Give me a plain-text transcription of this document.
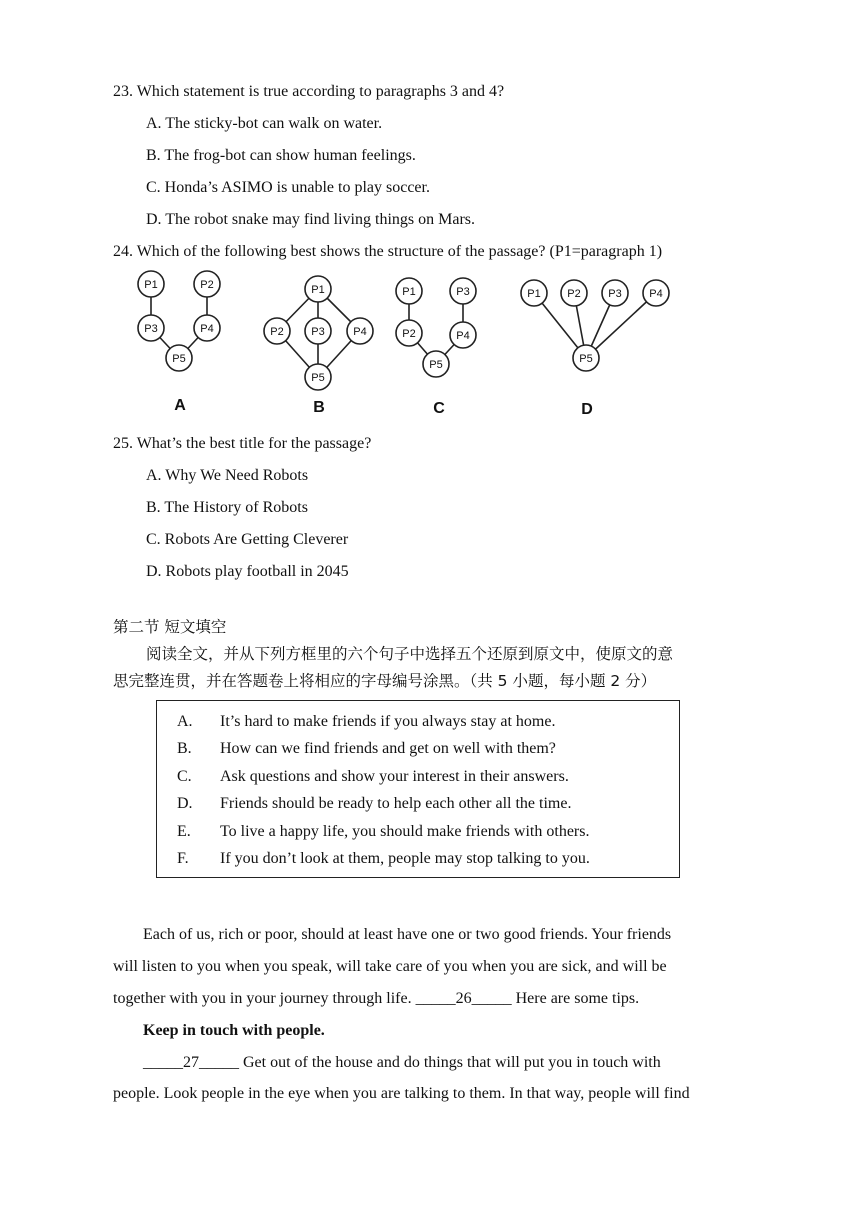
23. Which statement is true according to paragraphs 3 and 4?
A. The sticky-bot can walk on water.
B. The frog-bot can show human feelings.
C. Honda’s ASIMO is unable to play soccer.
D. The robot snake may find living things on Mars.
24. Which of the following best shows the structure of the passage? (P1=paragraph 1)
P1	P2
P3	P4
P5
P1
P2	P3	P4
P5
P1	P3
P2	P4
P5
P1 P2	P3	P4
P5
A	B	C	D
25. What’s the best title for the passage?
A. Why We Need Robots
B. The History of Robots
C. Robots Are Getting Cleverer
D. Robots play football in 2045
第二节 短文填空
阅读全文，并从下列方框里的六个句子中选择五个还原到原文中，使原文的意
思完整连贯，并在答题卷上将相应的字母编号涂黑。（共 5 小题，每小题 2 分）
A. It’s hard to make friends if you always stay at home.
B. How can we find friends and get on well with them?
C. Ask questions and show your interest in their answers.
D. Friends should be ready to help each other all the time.
E. To live a happy life, you should make friends with others.
F. If you don’t look at them, people may stop talking to you.
Each of us, rich or poor, should at least have one or two good friends. Your friends
will listen to you when you speak, will take care of you when you are sick, and will be
together with you in your journey through life. _____26_____ Here are some tips.
Keep in touch with people.
_____27_____ Get out of the house and do things that will put you in touch with
people. Look people in the eye when you are talking to them. In that way, people will find
